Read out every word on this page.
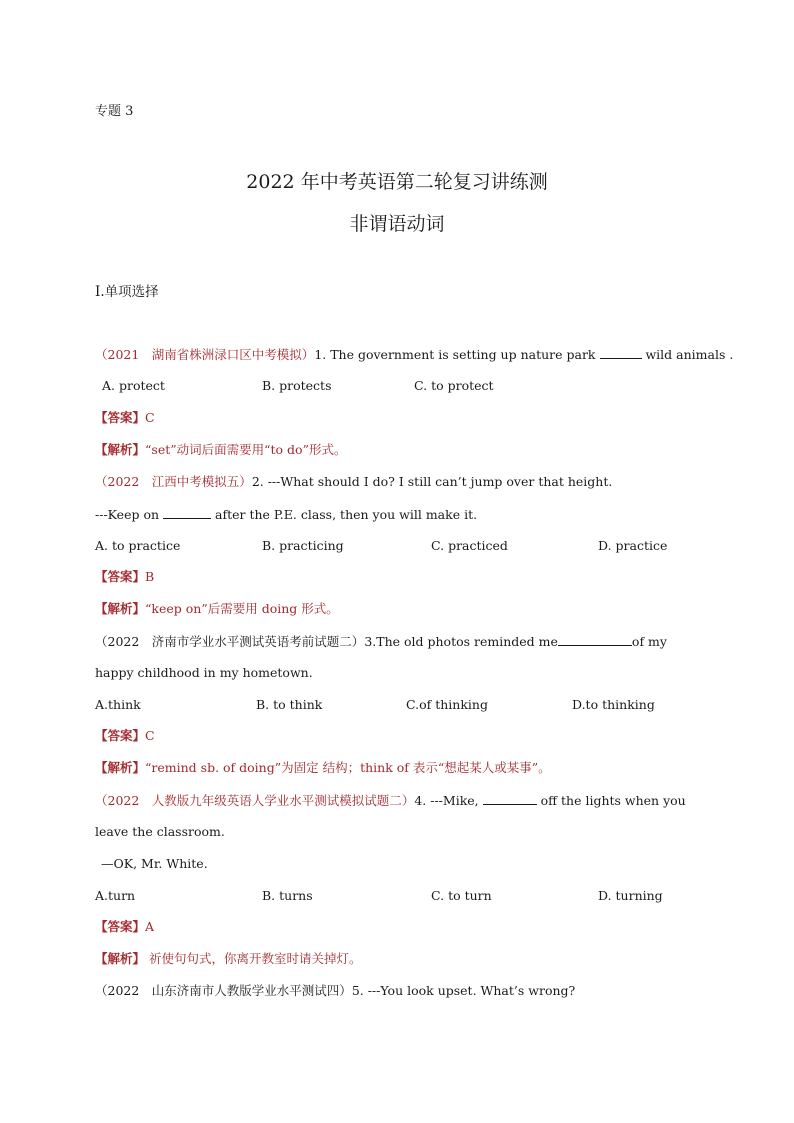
专题 3
2022 年中考英语第二轮复习讲练测
非谓语动词
Ⅰ.单项选择
（2021　湖南省株洲渌口区中考模拟）1. The government is setting up nature park	wild animals .
A. protect	B. protects	C. to protect
【答案】C
【解析】“set”动词后面需要用“to do”形式。
（2022　江西中考模拟五）2. ---What should I do? I still can’t jump over that height.
---Keep on	after the P.E. class, then you will make it.
A. to practice	B. practicing	C. practiced	D. practice
【答案】B
【解析】“keep on”后需要用 doing 形式。
（2022　济南市学业水平测试英语考前试题二）3.The old photos reminded me	of my
happy childhood in my hometown.
A.think	B. to think	C.of thinking	D.to thinking
【答案】C
【解析】“remind sb. of doing”为固定 结构；think of 表示“想起某人或某事”。
（2022　人教版九年级英语人学业水平测试模拟试题二）4. ---Mike,	off the lights when you
leave the classroom.
—OK, Mr. White.
A.turn	B. turns	C. to turn	D. turning
【答案】A
【解析】 祈使句句式，你离开教室时请关掉灯。
（2022　山东济南市人教版学业水平测试四）5. ---You look upset. What’s wrong?
